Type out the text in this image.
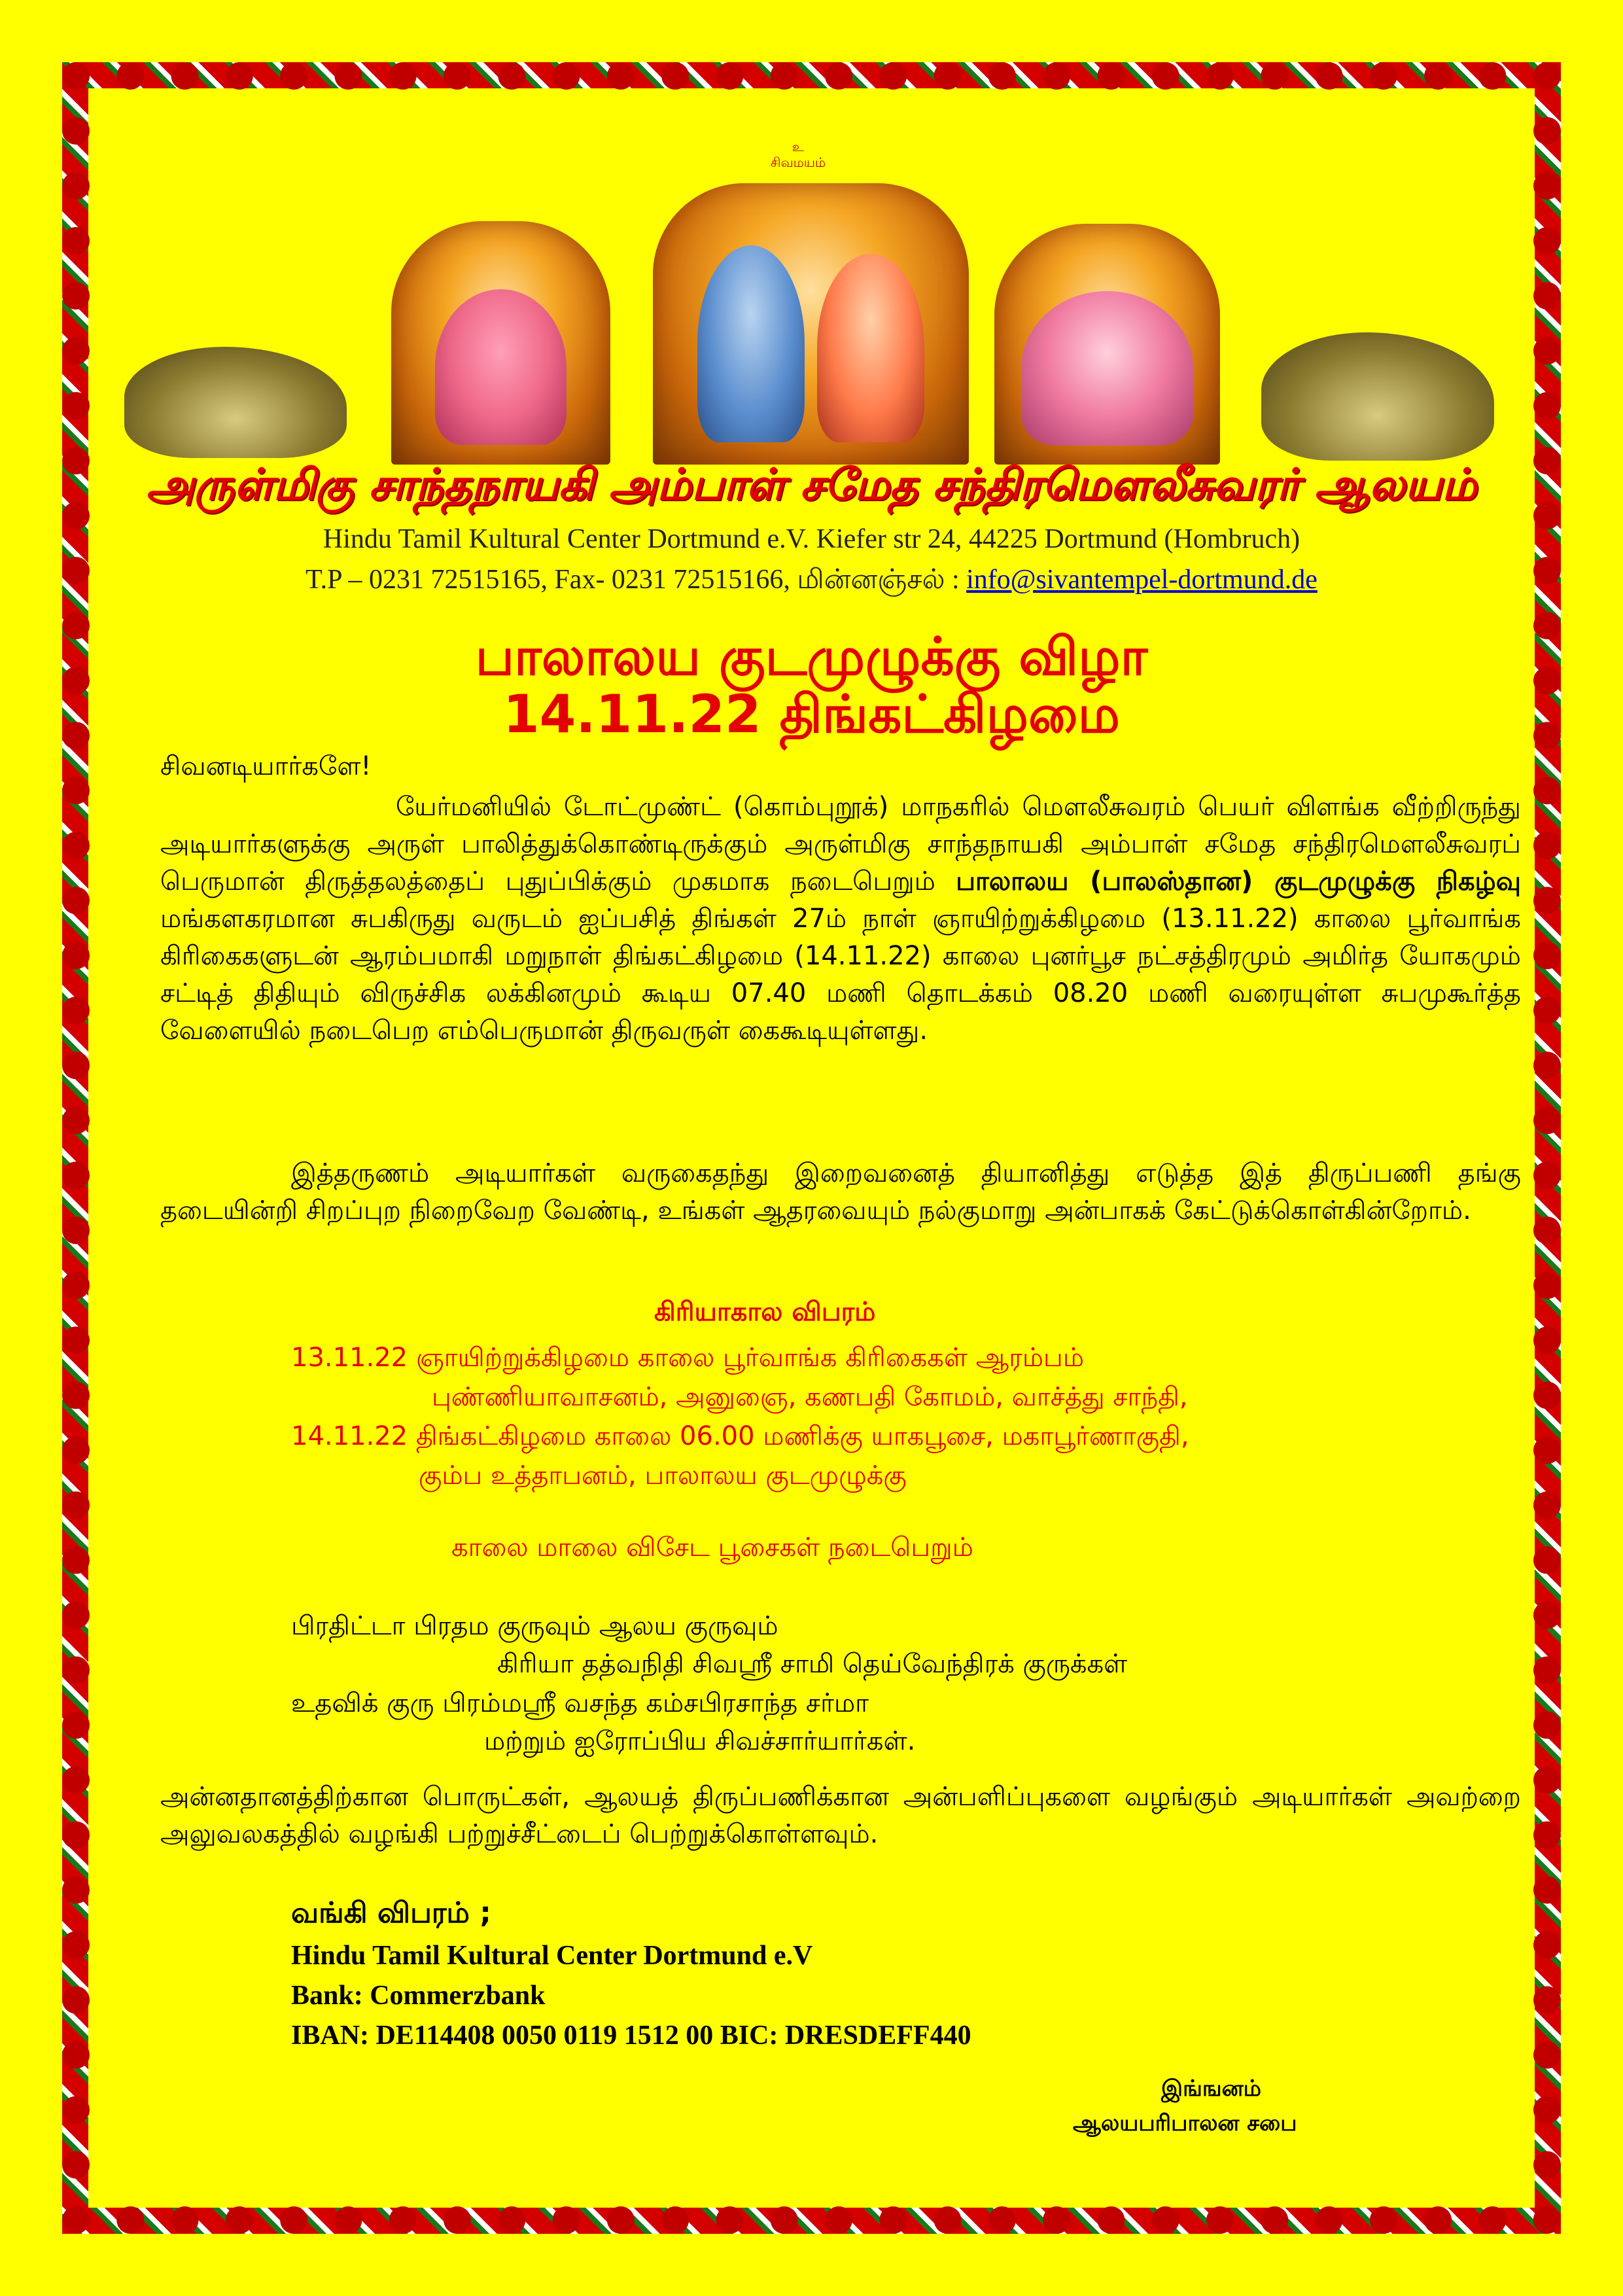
உ
சிவமயம்
அருள்மிகு சாந்தநாயகி அம்பாள் சமேத சந்திரமௌலீசுவரர் ஆலயம்
Hindu Tamil Kultural Center Dortmund e.V. Kiefer str 24, 44225 Dortmund (Hombruch)
T.P – 0231 72515165, Fax- 0231 72515166, மின்னஞ்சல் : info@sivantempel-dortmund.de
பாலாலய குடமுழுக்கு விழா
14.11.22 திங்கட்கிழமை
சிவனடியார்களே!
யேர்மனியில் டோட்முண்ட் (கொம்புறூக்) மாநகரில் மௌலீசுவரம் பெயர் விளங்க வீற்றிருந்து அடியார்களுக்கு அருள் பாலித்துக்கொண்டிருக்கும் அருள்மிகு சாந்தநாயகி அம்பாள் சமேத சந்திரமௌலீசுவரப் பெருமான் திருத்தலத்தைப் புதுப்பிக்கும் முகமாக நடைபெறும் பாலாலய (பாலஸ்தான) குடமுழுக்கு நிகழ்வு மங்களகரமான சுபகிருது வருடம் ஐப்பசித் திங்கள் 27ம் நாள் ஞாயிற்றுக்கிழமை (13.11.22) காலை பூர்வாங்க கிரிகைகளுடன் ஆரம்பமாகி மறுநாள் திங்கட்கிழமை (14.11.22) காலை புனர்பூச நட்சத்திரமும் அமிர்த யோகமும் சட்டித் திதியும் விருச்சிக லக்கினமும் கூடிய 07.40 மணி தொடக்கம் 08.20 மணி வரையுள்ள சுபமுகூர்த்த வேளையில் நடைபெற எம்பெருமான் திருவருள் கைகூடியுள்ளது.
இத்தருணம் அடியார்கள் வருகைதந்து இறைவனைத் தியானித்து எடுத்த இத் திருப்பணி தங்கு தடையின்றி சிறப்புற நிறைவேற வேண்டி, உங்கள் ஆதரவையும் நல்குமாறு அன்பாகக் கேட்டுக்கொள்கின்றோம்.
கிரியாகால விபரம்
13.11.22 ஞாயிற்றுக்கிழமை காலை பூர்வாங்க கிரிகைகள் ஆரம்பம்
புண்ணியாவாசனம், அனுஞை, கணபதி கோமம், வாச்த்து சாந்தி,
14.11.22 திங்கட்கிழமை காலை 06.00 மணிக்கு யாகபூசை, மகாபூர்ணாகுதி,
கும்ப உத்தாபனம், பாலாலய குடமுழுக்கு
காலை மாலை விசேட பூசைகள் நடைபெறும்
பிரதிட்டா பிரதம குருவும் ஆலய குருவும்
கிரியா தத்வநிதி சிவஸ்ரீ சாமி தெய்வேந்திரக் குருக்கள்
உதவிக் குரு பிரம்மஸ்ரீ வசந்த கம்சபிரசாந்த சர்மா
மற்றும் ஐரோப்பிய சிவச்சார்யார்கள்.
அன்னதானத்திற்கான பொருட்கள், ஆலயத் திருப்பணிக்கான அன்பளிப்புகளை வழங்கும் அடியார்கள் அவற்றை அலுவலகத்தில் வழங்கி பற்றுச்சீட்டைப் பெற்றுக்கொள்ளவும்.
வங்கி விபரம் ;
Hindu Tamil Kultural Center Dortmund e.V
Bank: Commerzbank
IBAN: DE114408 0050 0119 1512 00 BIC: DRESDEFF440
இங்ஙனம்
ஆலயபரிபாலன சபை
